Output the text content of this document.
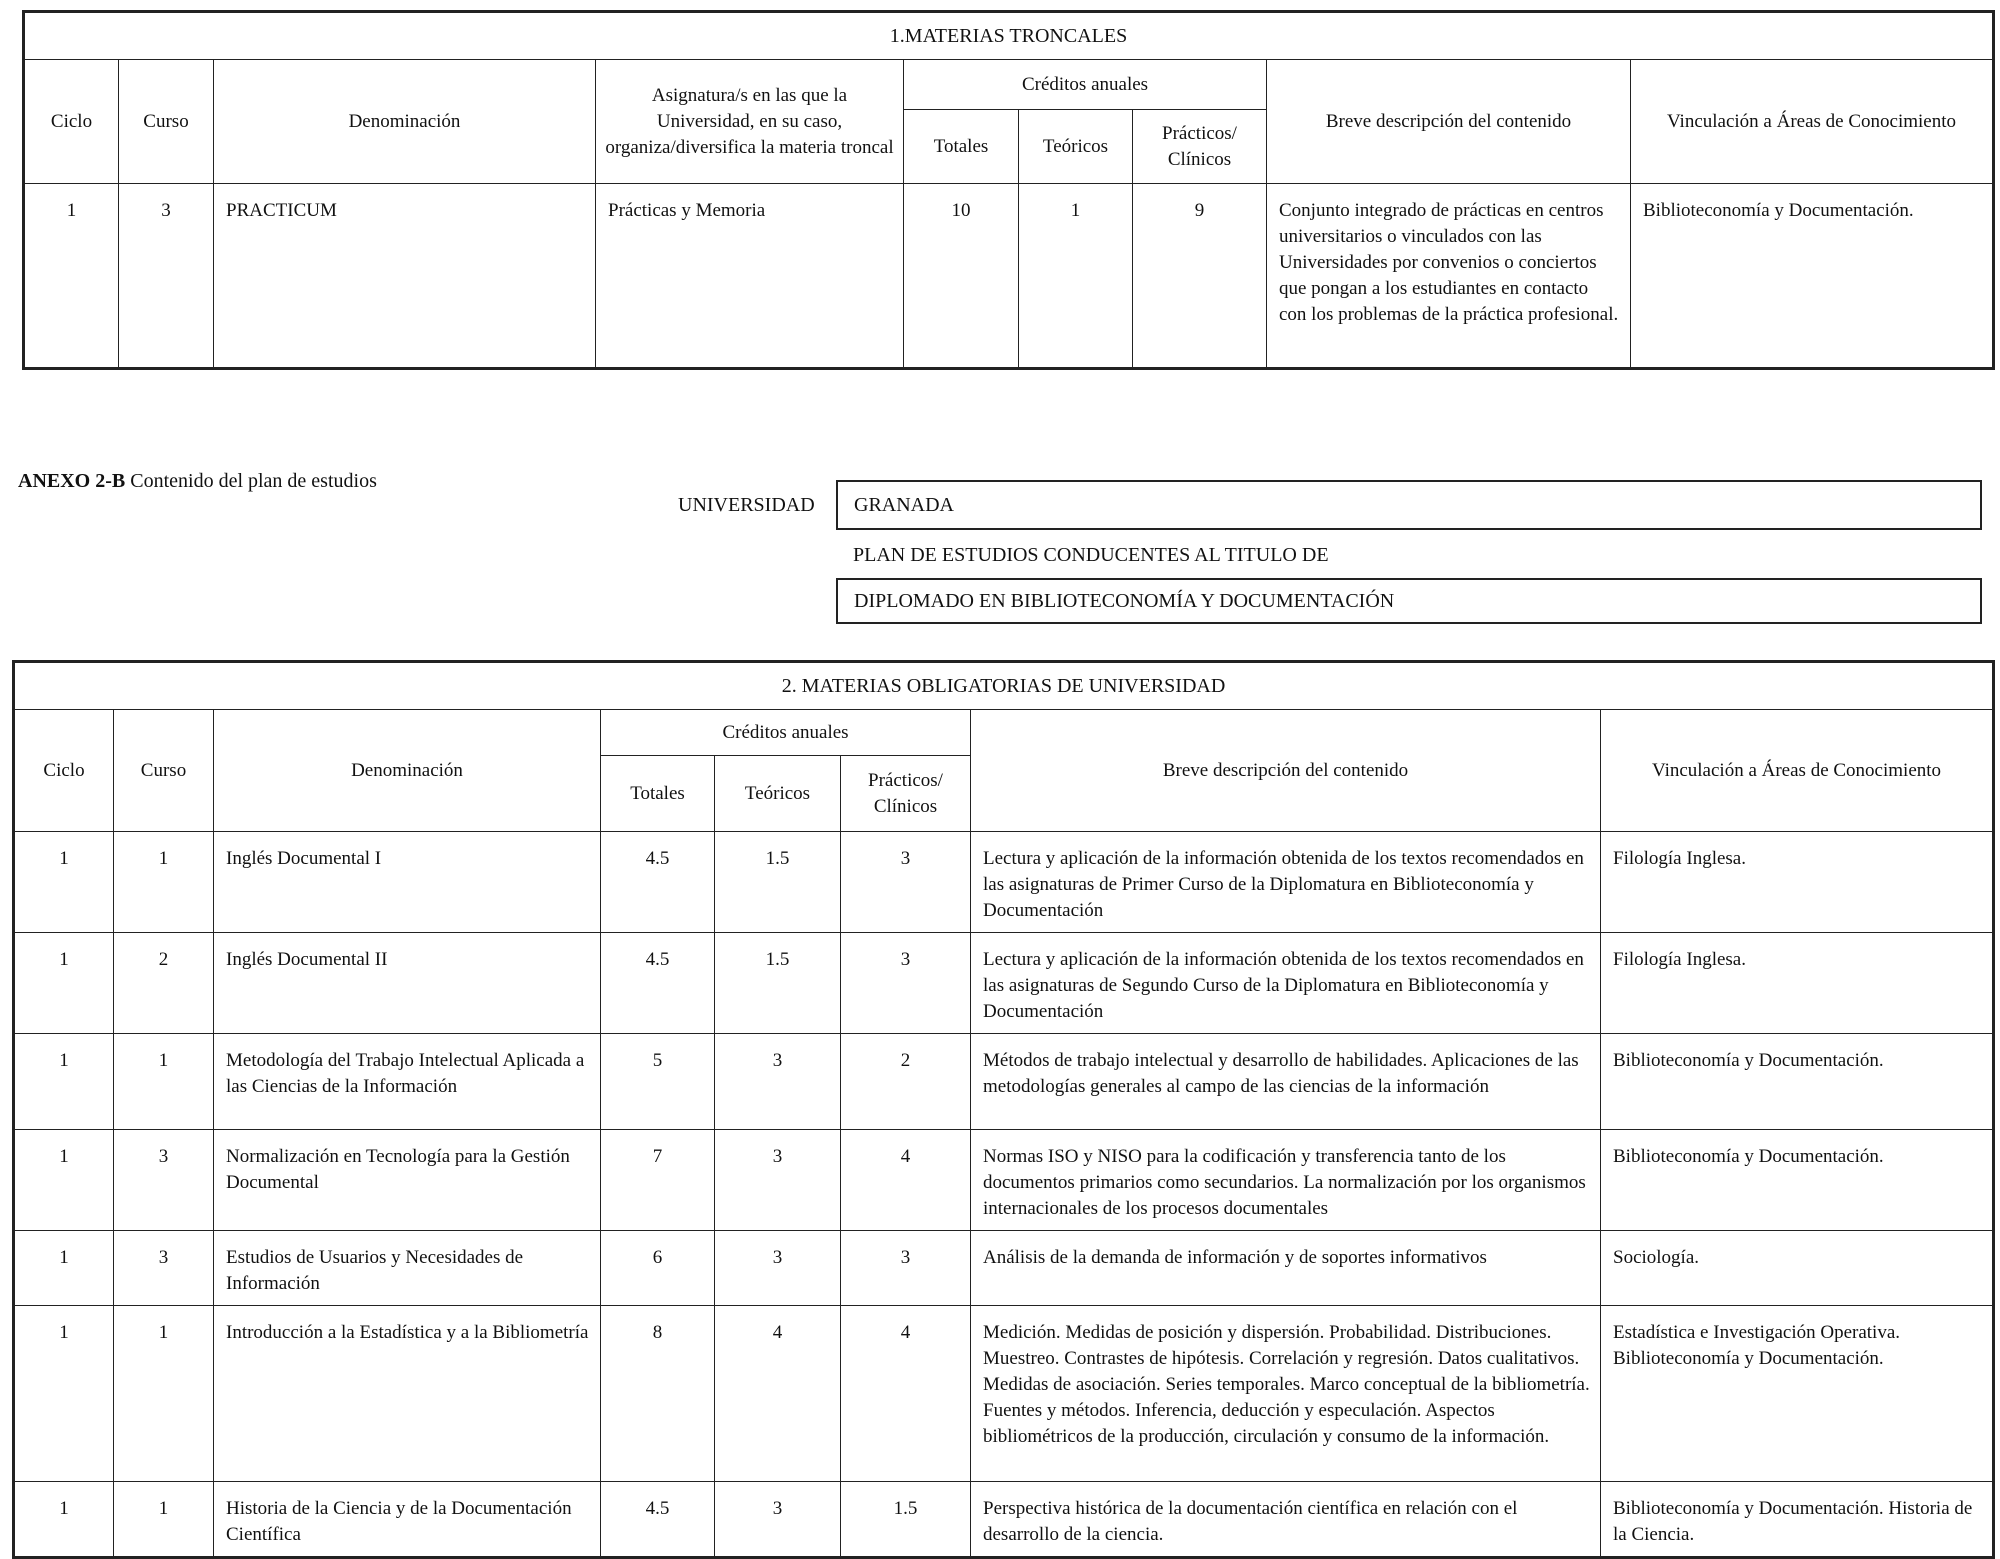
1.MATERIAS TRONCALES								
Ciclo	Curso	Denominación	Asignatura/s en las que la Universidad, en su caso, organiza/diversifica la materia troncal	Créditos anuales			Breve descripción del contenido	Vinculación a Áreas de Conocimiento
				Totales	Teóricos	Prácticos/ Clínicos		
1	3	PRACTICUM	Prácticas y Memoria	10	1	9	Conjunto integrado de prácticas en centros universitarios o vinculados con las Universidades por convenios o conciertos que pongan a los estudiantes en contacto con los problemas de la práctica profesional.	Biblioteconomía y Documentación.
ANEXO 2-B Contenido del plan de estudios
UNIVERSIDAD	GRANADA
PLAN DE ESTUDIOS CONDUCENTES AL TITULO DE
DIPLOMADO EN BIBLIOTECONOMÍA Y DOCUMENTACIÓN
2. MATERIAS OBLIGATORIAS DE UNIVERSIDAD							
Ciclo	Curso	Denominación	Créditos anuales			Breve descripción del contenido	Vinculación a Áreas de Conocimiento
			Totales	Teóricos	Prácticos/ Clínicos		
1	1	Inglés Documental I	4.5	1.5	3	Lectura y aplicación de la información obtenida de los textos recomendados en las asignaturas de Primer Curso de la Diplomatura en Biblioteconomía y Documentación	Filología Inglesa.
1	2	Inglés Documental II	4.5	1.5	3	Lectura y aplicación de la información obtenida de los textos recomendados en las asignaturas de Segundo Curso de la Diplomatura en Biblioteconomía y Documentación	Filología Inglesa.
1	1	Metodología del Trabajo Intelectual Aplicada a las Ciencias de la Información	5	3	2	Métodos de trabajo intelectual y desarrollo de habilidades. Aplicaciones de las metodologías generales al campo de las ciencias de la información	Biblioteconomía y Documentación.
1	3	Normalización en Tecnología para la Gestión Documental	7	3	4	Normas ISO y NISO para la codificación y transferencia tanto de los documentos primarios como secundarios. La normalización por los organismos internacionales de los procesos documentales	Biblioteconomía y Documentación.
1	3	Estudios de Usuarios y Necesidades de Información	6	3	3	Análisis de la demanda de información y de soportes informativos	Sociología.
1	1	Introducción a la Estadística y a la Bibliometría	8	4	4	Medición. Medidas de posición y dispersión. Probabilidad. Distribuciones. Muestreo. Contrastes de hipótesis. Correlación y regresión. Datos cualitativos. Medidas de asociación. Series temporales. Marco conceptual de la bibliometría. Fuentes y métodos. Inferencia, deducción y especulación. Aspectos bibliométricos de la producción, circulación y consumo de la información.	Estadística e Investigación Operativa. Biblioteconomía y Documentación.
1	1	Historia de la Ciencia y de la Documentación Científica	4.5	3	1.5	Perspectiva histórica de la documentación científica en relación con el desarrollo de la ciencia.	Biblioteconomía y Documentación. Historia de la Ciencia.
